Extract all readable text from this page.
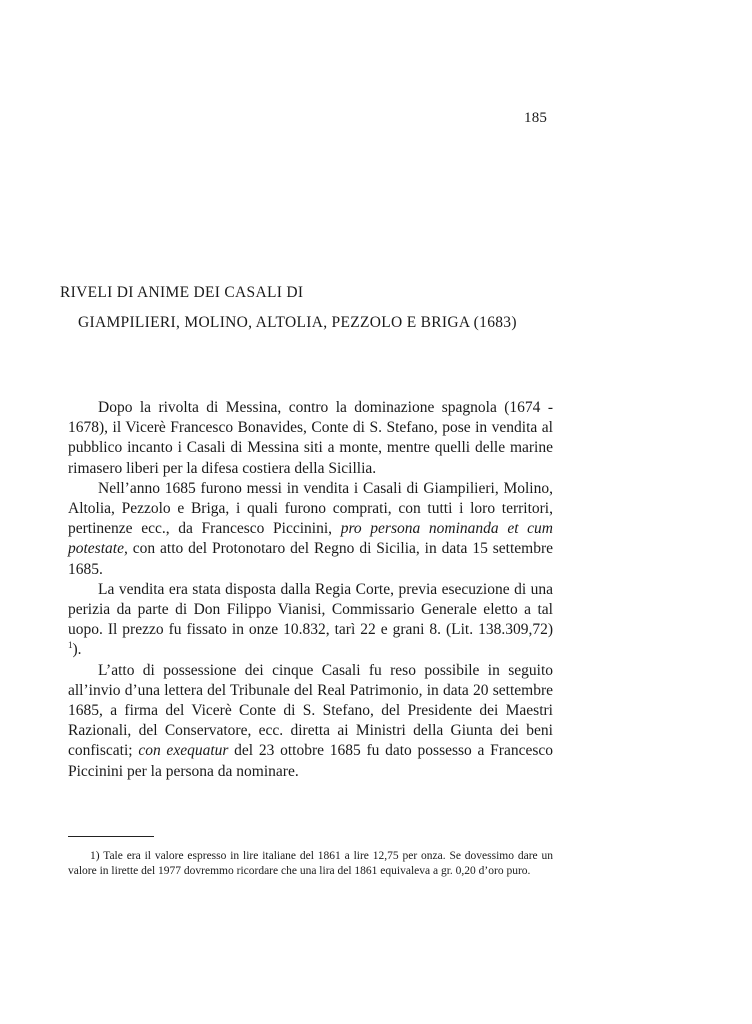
185
RIVELI DI ANIME DEI CASALI DI
GIAMPILIERI, MOLINO, ALTOLIA, PEZZOLO E BRIGA (1683)

Dopo la rivolta di Messina, contro la dominazione spagnola (1674 - 1678), il Vicerè Francesco Bonavides, Conte di S. Stefano, pose in vendita al pubblico incanto i Casali di Messina siti a monte, mentre quelli delle marine rimasero liberi per la difesa costiera della Sicillia.

Nell’anno 1685 furono messi in vendita i Casali di Giampilieri, Molino, Altolia, Pezzolo e Briga, i quali furono comprati, con tutti i loro territori, pertinenze ecc., da Francesco Piccinini, pro persona nominanda et cum potestate, con atto del Protonotaro del Regno di Sicilia, in data 15 settembre 1685.

La vendita era stata disposta dalla Regia Corte, previa esecuzione di una perizia da parte di Don Filippo Vianisi, Commissario Generale eletto a tal uopo. Il prezzo fu fissato in onze 10.832, tarì 22 e grani 8. (Lit. 138.309,72) $^1$).

L’atto di possessione dei cinque Casali fu reso possibile in seguito all’invio d’una lettera del Tribunale del Real Patrimonio, in data 20 settembre 1685, a firma del Vicerè Conte di S. Stefano, del Presidente dei Maestri Razionali, del Conservatore, ecc. diretta ai Ministri della Giunta dei beni confiscati; con exequatur del 23 ottobre 1685 fu dato possesso a Francesco Piccinini per la persona da nominare.

1) Tale era il valore espresso in lire italiane del 1861 a lire 12,75 per onza. Se dovessimo dare un valore in lirette del 1977 dovremmo ricordare che una lira del 1861 equivaleva a gr. 0,20 d’oro puro.
